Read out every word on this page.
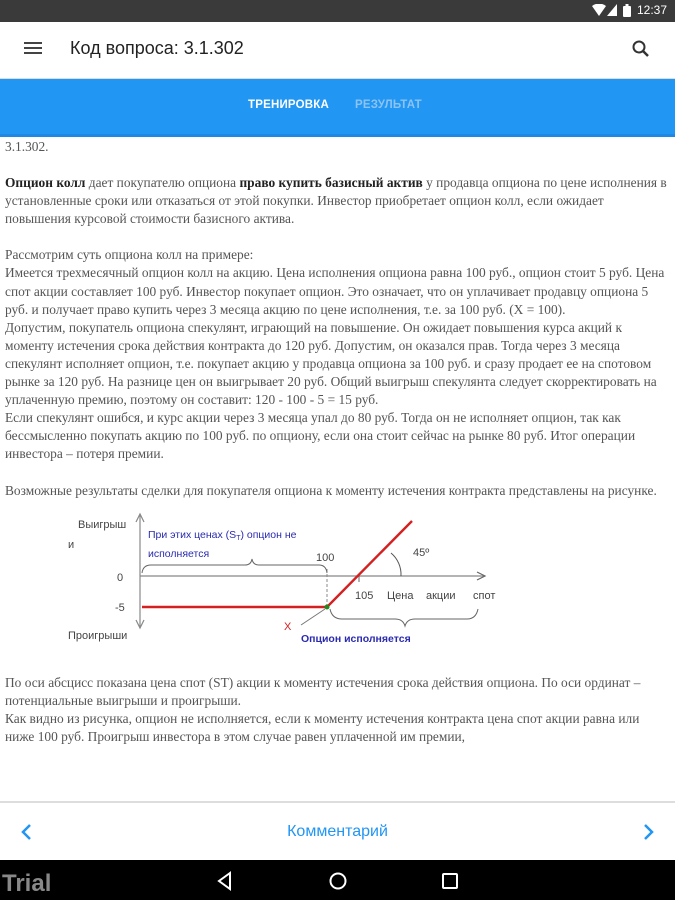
12:37
Код вопроса: 3.1.302
ТРЕНИРОВКА РЕЗУЛЬТАТ

3.1.302.

Опцион колл дает покупателю опциона право купить базисный актив у продавца опциона по цене исполнения в установленные сроки или отказаться от этой покупки. Инвестор приобретает опцион колл, если ожидает повышения курсовой стоимости базисного актива.

Рассмотрим суть опциона колл на примере:

Имеется трехмесячный опцион колл на акцию. Цена исполнения опциона равна 100 руб., опцион стоит 5 руб. Цена спот акции составляет 100 руб. Инвестор покупает опцион. Это означает, что он уплачивает продавцу опциона 5 руб. и получает право купить через 3 месяца акцию по цене исполнения, т.е. за 100 руб. (X = 100).

Допустим, покупатель опциона спекулянт, играющий на повышение. Он ожидает повышения курса акций к моменту истечения срока действия контракта до 120 руб. Допустим, он оказался прав. Тогда через 3 месяца спекулянт исполняет опцион, т.е. покупает акцию у продавца опциона за 100 руб. и сразу продает ее на спотовом рынке за 120 руб. На разнице цен он выигрывает 20 руб. Общий выигрыш спекулянта следует скорректировать на уплаченную премию, поэтому он составит: 120 - 100 - 5 = 15 руб.

Если спекулянт ошибся, и курс акции через 3 месяца упал до 80 руб. Тогда он не исполняет опцион, так как бессмысленно покупать акцию по 100 руб. по опциону, если она стоит сейчас на рынке 80 руб. Итог операции инвестора – потеря премии.

Возможные результаты сделки для покупателя опциона к моменту истечения контракта представлены на рисунке.

Выигрыш
и
Проигрыши
0
-5
100
105 Цена акции спот
45º
X
При этих ценах (ST) опцион не
исполняется
Опцион исполняется

По оси абсцисс показана цена спот (ST) акции к моменту истечения срока действия опциона. По оси ординат – потенциальные выигрыши и проигрыши.

Как видно из рисунка, опцион не исполняется, если к моменту истечения контракта цена спот акции равна или ниже 100 руб. Проигрыш инвестора в этом случае равен уплаченной им премии,

Комментарий
Trial
